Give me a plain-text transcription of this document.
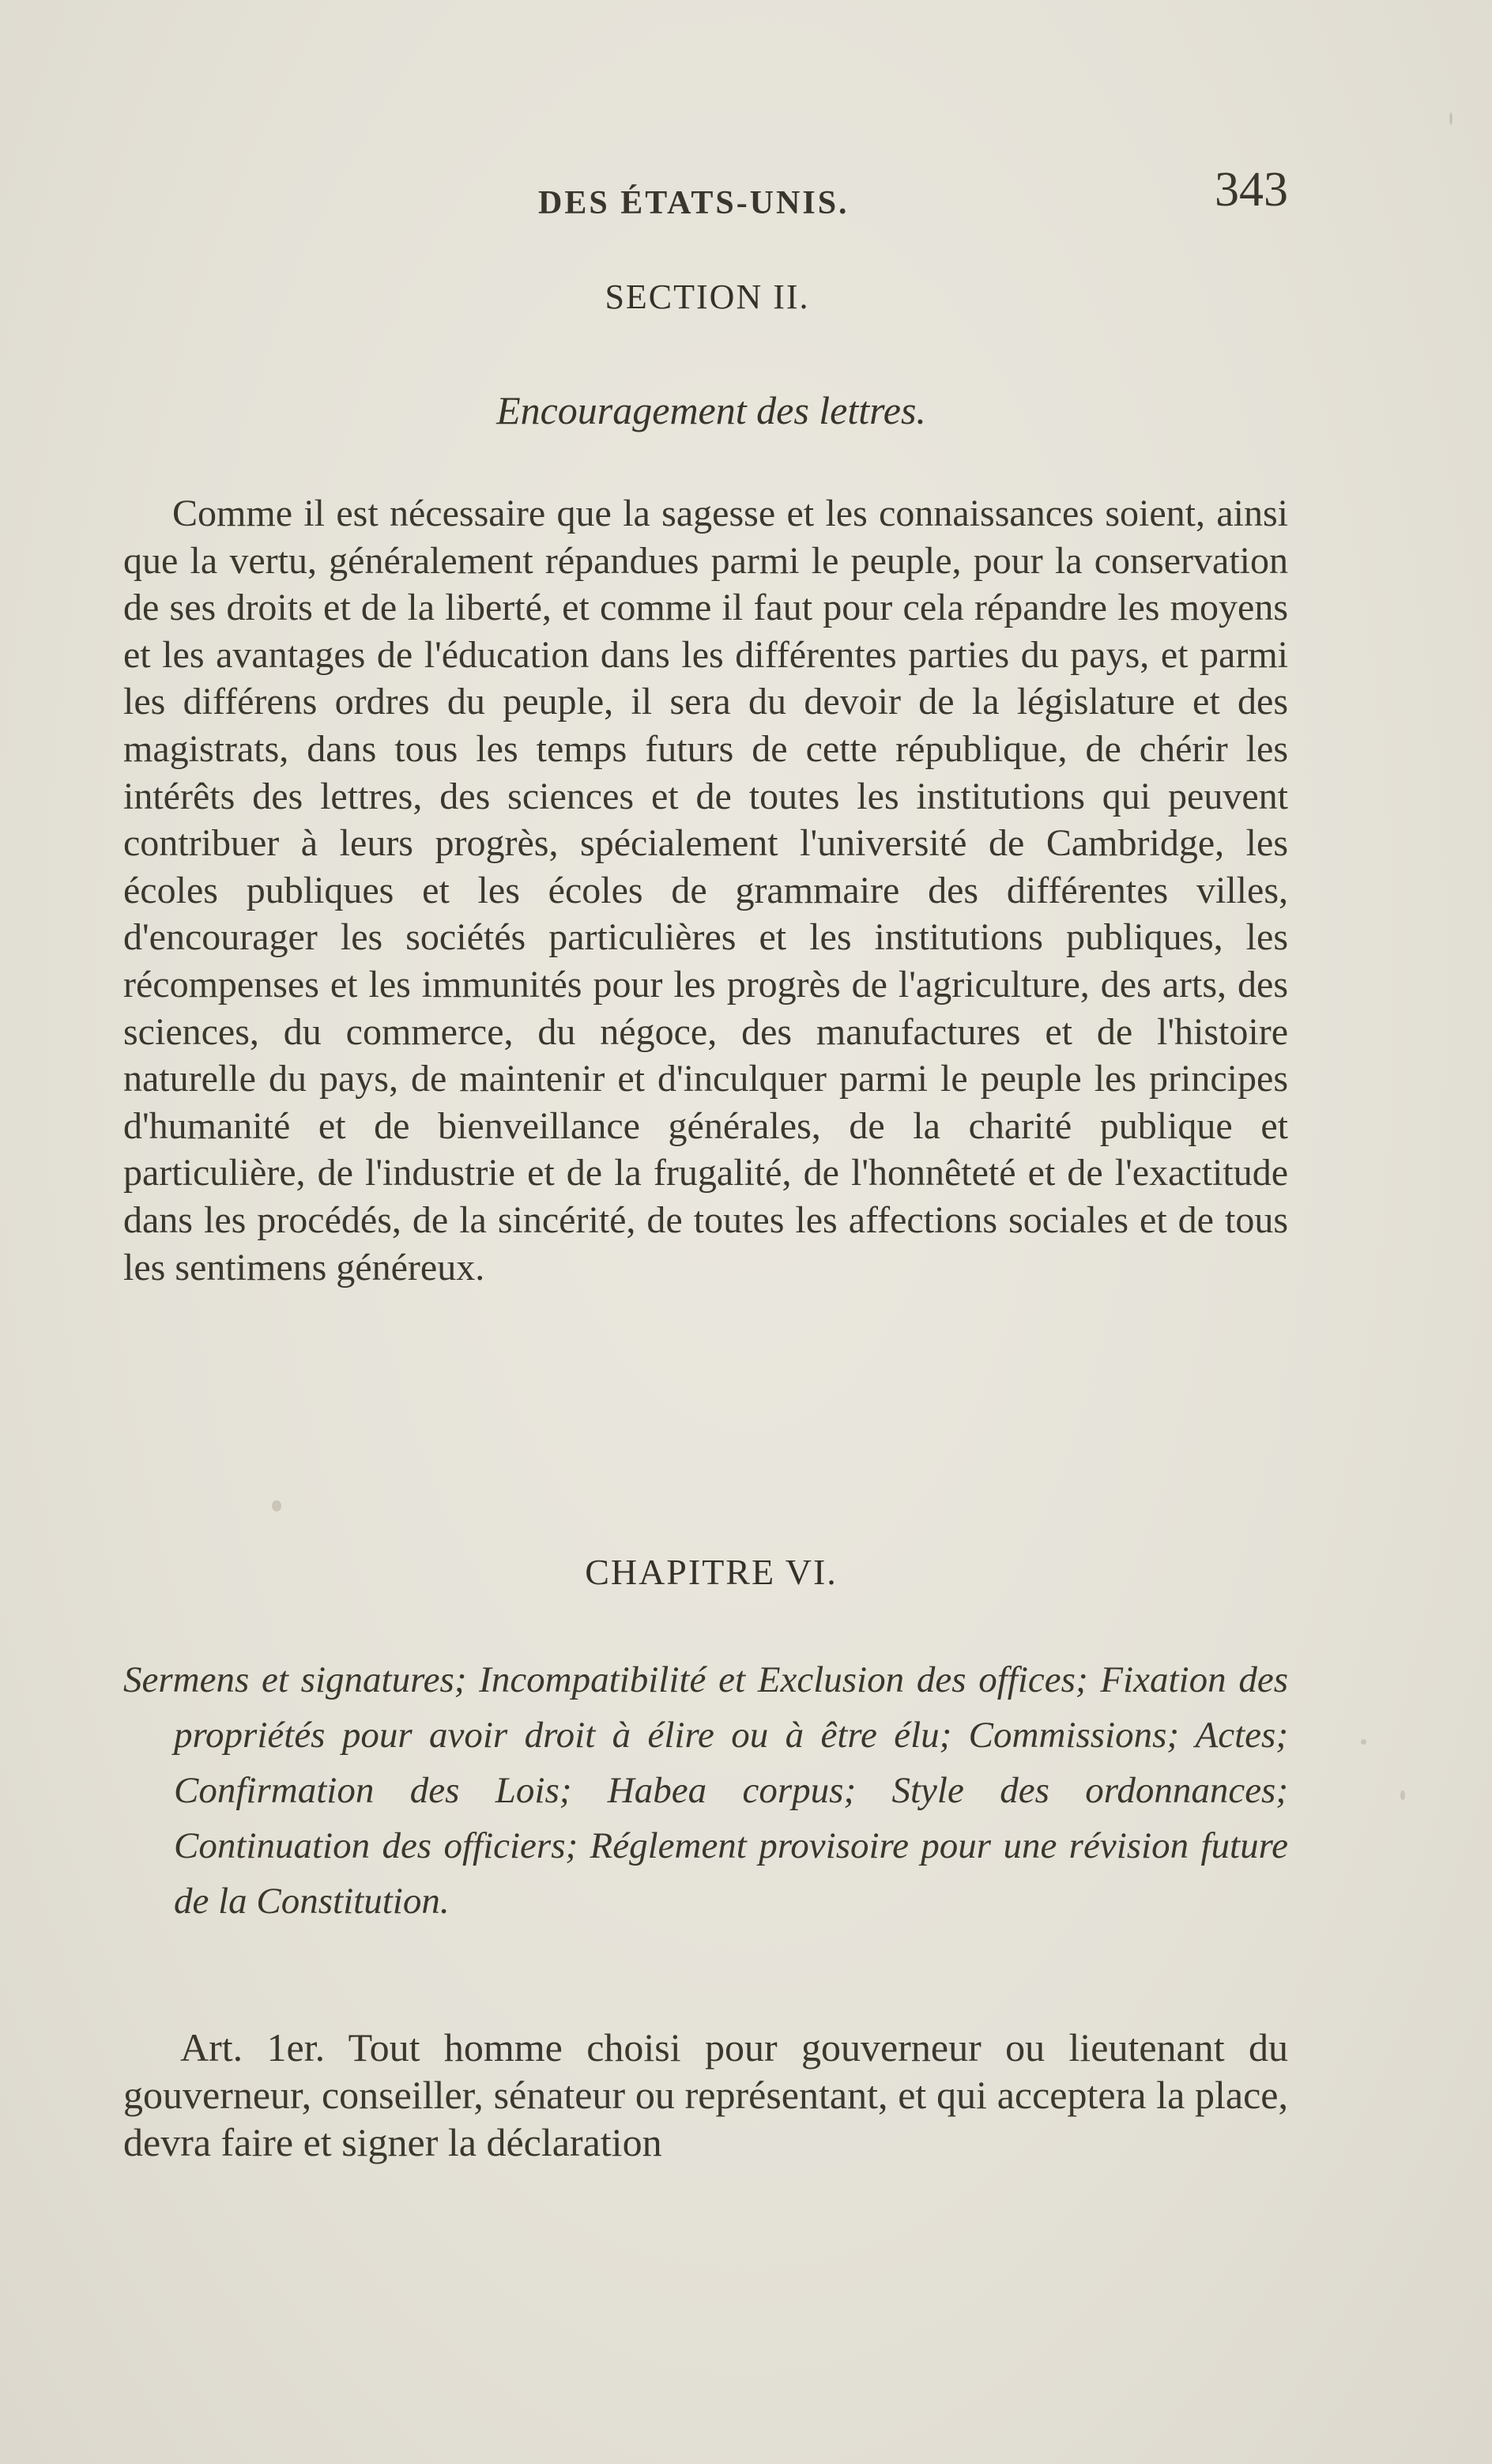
DES ÉTATS-UNIS.	343
SECTION II.
Encouragement des lettres.

Comme il est nécessaire que la sagesse et les connaissances soient, ainsi que la vertu, généralement répandues parmi le peuple, pour la conservation de ses droits et de la liberté, et comme il faut pour cela répandre les moyens et les avantages de l'éducation dans les différentes parties du pays, et parmi les différens ordres du peuple, il sera du devoir de la législature et des magistrats, dans tous les temps futurs de cette république, de chérir les intérêts des lettres, des sciences et de toutes les institutions qui peuvent contribuer à leurs progrès, spécialement l'université de Cambridge, les écoles publiques et les écoles de grammaire des différentes villes, d'encourager les sociétés particulières et les institutions publiques, les récompenses et les immunités pour les progrès de l'agriculture, des arts, des sciences, du commerce, du négoce, des manufactures et de l'histoire naturelle du pays, de maintenir et d'inculquer parmi le peuple les principes d'humanité et de bienveillance générales, de la charité publique et particulière, de l'industrie et de la frugalité, de l'honnêteté et de l'exactitude dans les procédés, de la sincérité, de toutes les affections sociales et de tous les sentimens généreux.

CHAPITRE VI.
Sermens et signatures; Incompatibilité et Exclusion des offices; Fixation des propriétés pour avoir droit à élire ou à être élu; Commissions; Actes; Confirmation des Lois; Habea corpus; Style des ordonnances; Continuation des officiers; Réglement provisoire pour une révision future de la Constitution.

Art. 1er. Tout homme choisi pour gouverneur ou lieutenant du gouverneur, conseiller, sénateur ou représentant, et qui acceptera la place, devra faire et signer la déclaration
